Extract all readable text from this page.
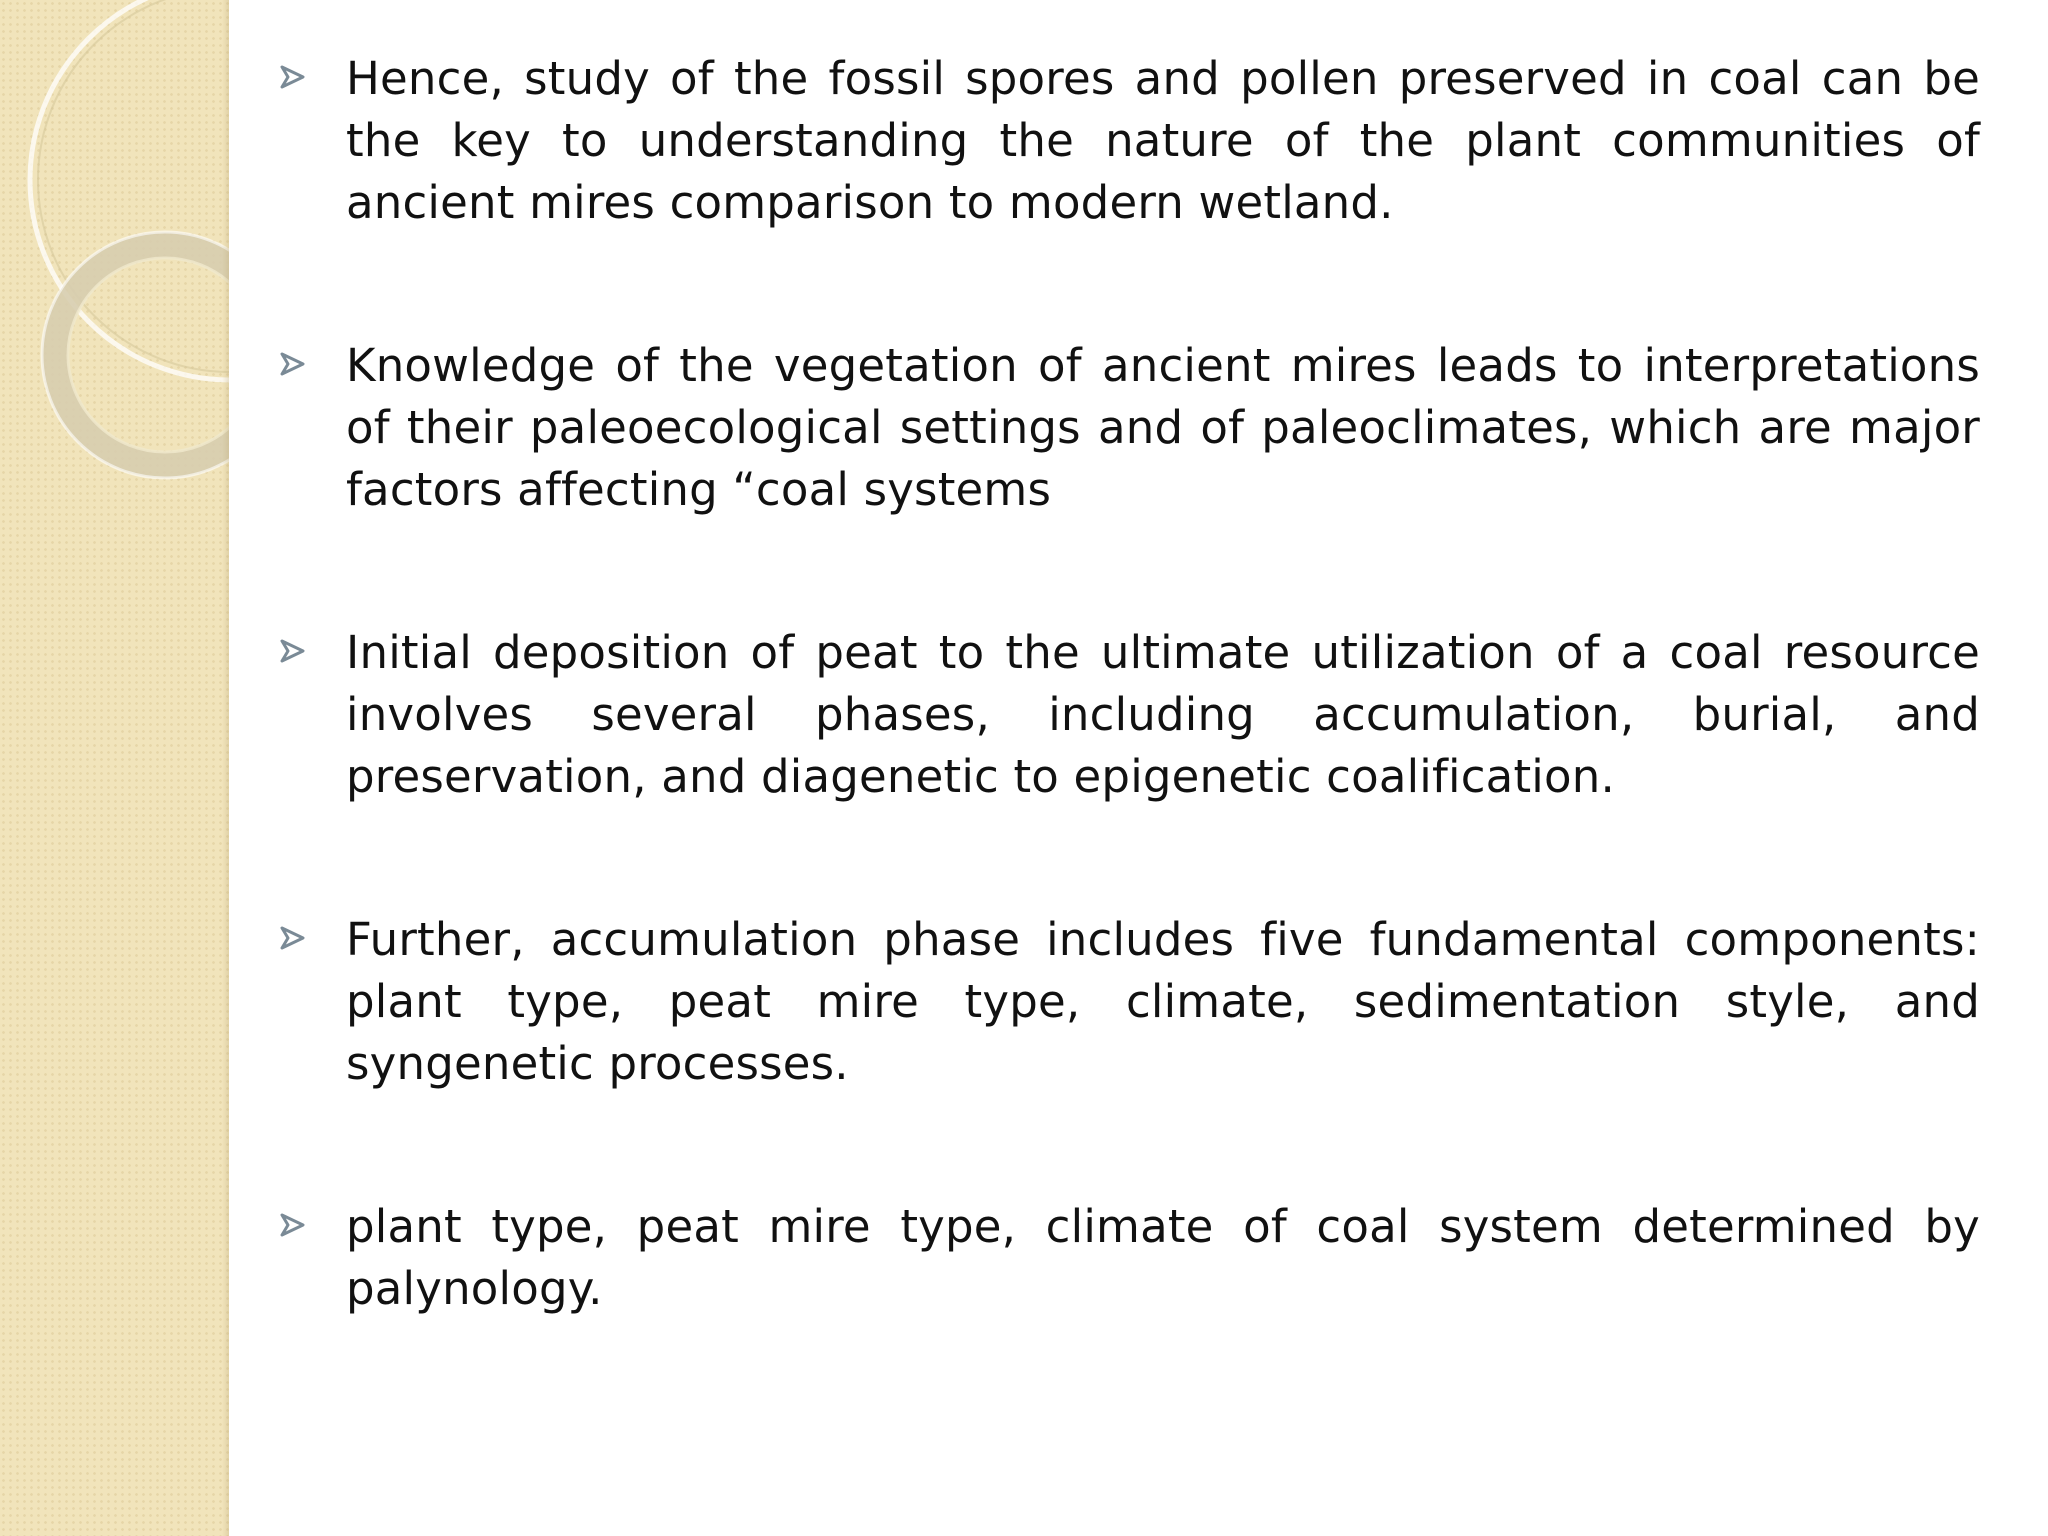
Hence, study of the fossil spores and pollen preserved in coal can be the key to understanding the nature of the plant communities of ancient mires comparison to modern wetland.
Knowledge of the vegetation of ancient mires leads to interpretations of their paleoecological settings and of paleoclimates, which are major factors affecting “coal systems
Initial deposition of peat to the ultimate utilization of a coal resource involves several phases, including accumulation, burial, and preservation, and diagenetic to epigenetic coalification.
Further, accumulation phase includes five fundamental components: plant type, peat mire type, climate, sedimentation style, and syngenetic processes.
plant type, peat mire type, climate of coal system determined by palynology.
